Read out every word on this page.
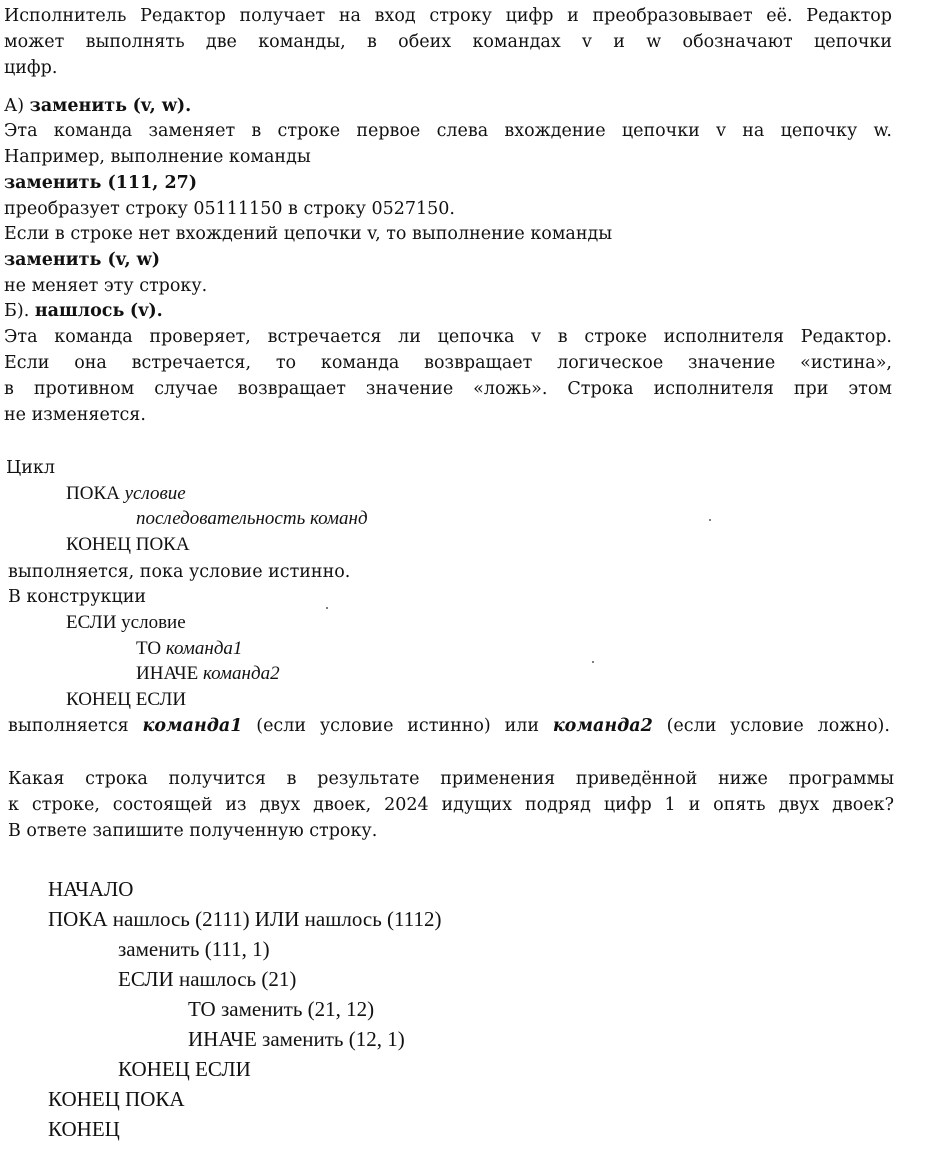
Исполнитель Редактор получает на вход строку цифр и преобразовывает её. Редактор
может выполнять две команды, в обеих командах v и w обозначают цепочки
цифр.
А) заменить (v, w).
Эта команда заменяет в строке первое слева вхождение цепочки v на цепочку w.
Например, выполнение команды
заменить (111, 27)
преобразует строку 05111150 в строку 0527150.
Если в строке нет вхождений цепочки v, то выполнение команды
заменить (v, w)
не меняет эту строку.
Б). нашлось (v).
Эта команда проверяет, встречается ли цепочка v в строке исполнителя Редактор.
Если она встречается, то команда возвращает логическое значение «истина»,
в противном случае возвращает значение «ложь». Строка исполнителя при этом
не изменяется.
Цикл
ПОКА условие
последовательность команд
КОНЕЦ ПОКА
выполняется, пока условие истинно.
В конструкции
ЕСЛИ условие
ТО команда1
ИНАЧЕ команда2
КОНЕЦ ЕСЛИ
выполняется команда1 (если условие истинно) или команда2 (если условие ложно).
Какая строка получится в результате применения приведённой ниже программы
к строке, состоящей из двух двоек, 2024 идущих подряд цифр 1 и опять двух двоек?
В ответе запишите полученную строку.
НАЧАЛО
ПОКА нашлось (2111) ИЛИ нашлось (1112)
заменить (111, 1)
ЕСЛИ нашлось (21)
ТО заменить (21, 12)
ИНАЧЕ заменить (12, 1)
КОНЕЦ ЕСЛИ
КОНЕЦ ПОКА
КОНЕЦ
